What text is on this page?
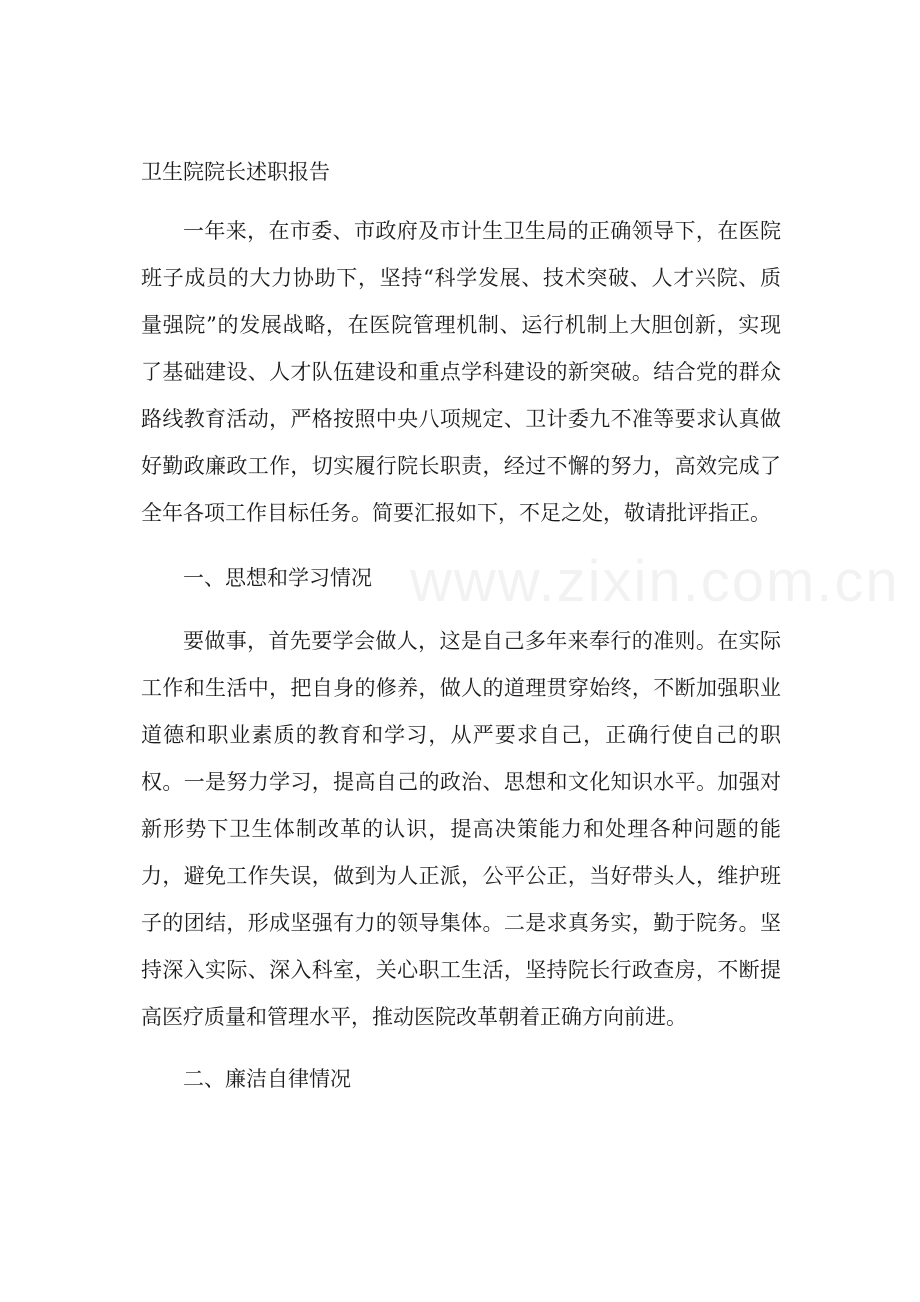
www.zixin.com.cn
卫生院院长述职报告

一年来，在市委、市政府及市计生卫生局的正确领导下，在医院班子成员的大力协助下，坚持“科学发展、技术突破、人才兴院、质量强院”的发展战略，在医院管理机制、运行机制上大胆创新，实现了基础建设、人才队伍建设和重点学科建设的新突破。结合党的群众路线教育活动，严格按照中央八项规定、卫计委九不准等要求认真做好勤政廉政工作，切实履行院长职责，经过不懈的努力，高效完成了全年各项工作目标任务。简要汇报如下，不足之处，敬请批评指正。

一、思想和学习情况

要做事，首先要学会做人，这是自己多年来奉行的准则。在实际工作和生活中，把自身的修养，做人的道理贯穿始终，不断加强职业道德和职业素质的教育和学习，从严要求自己，正确行使自己的职权。一是努力学习，提高自己的政治、思想和文化知识水平。加强对新形势下卫生体制改革的认识，提高决策能力和处理各种问题的能力，避免工作失误，做到为人正派，公平公正，当好带头人，维护班子的团结，形成坚强有力的领导集体。二是求真务实，勤于院务。坚持深入实际、深入科室，关心职工生活，坚持院长行政查房，不断提高医疗质量和管理水平，推动医院改革朝着正确方向前进。

二、廉洁自律情况
